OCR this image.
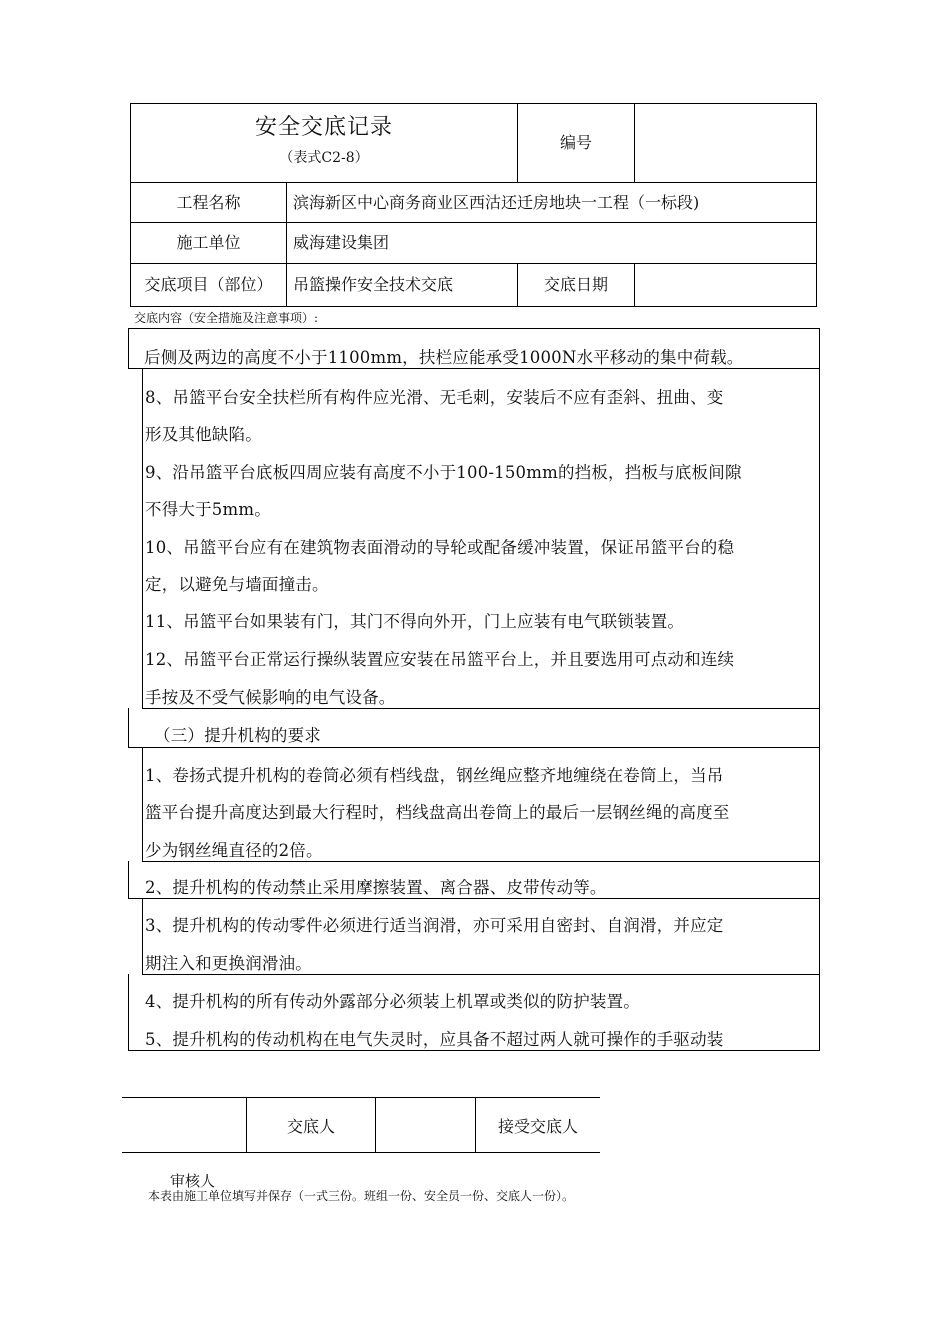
安全交底记录
（表式C2-8）
编号
工程名称	滨海新区中心商务商业区西沽还迁房地块一工程（一标段)
施工单位	威海建设集团
交底项目（部位）	吊篮操作安全技术交底	交底日期
交底内容（安全措施及注意事项）:
后侧及两边的高度不小于1100mm，扶栏应能承受1000N水平移动的集中荷载。
8、吊篮平台安全扶栏所有构件应光滑、无毛刺，安装后不应有歪斜、扭曲、变
形及其他缺陷。
9、沿吊篮平台底板四周应装有高度不小于100-150mm的挡板，挡板与底板间隙
不得大于5mm。
10、吊篮平台应有在建筑物表面滑动的导轮或配备缓冲装置，保证吊篮平台的稳
定，以避免与墙面撞击。
11、吊篮平台如果装有门，其门不得向外开，门上应装有电气联锁装置。
12、吊篮平台正常运行操纵装置应安装在吊篮平台上，并且要选用可点动和连续
手按及不受气候影响的电气设备。
（三）提升机构的要求
1、卷扬式提升机构的卷筒必须有档线盘，钢丝绳应整齐地缠绕在卷筒上，当吊
篮平台提升高度达到最大行程时，档线盘高出卷筒上的最后一层钢丝绳的高度至
少为钢丝绳直径的2倍。
2、提升机构的传动禁止采用摩擦装置、离合器、皮带传动等。
3、提升机构的传动零件必须进行适当润滑，亦可采用自密封、自润滑，并应定
期注入和更换润滑油。
4、提升机构的所有传动外露部分必须装上机罩或类似的防护装置。
5、提升机构的传动机构在电气失灵时，应具备不超过两人就可操作的手驱动装
交底人	接受交底人
审核人
本表由施工单位填写并保存（一式三份。班组一份、安全员一份、交底人一份）。
